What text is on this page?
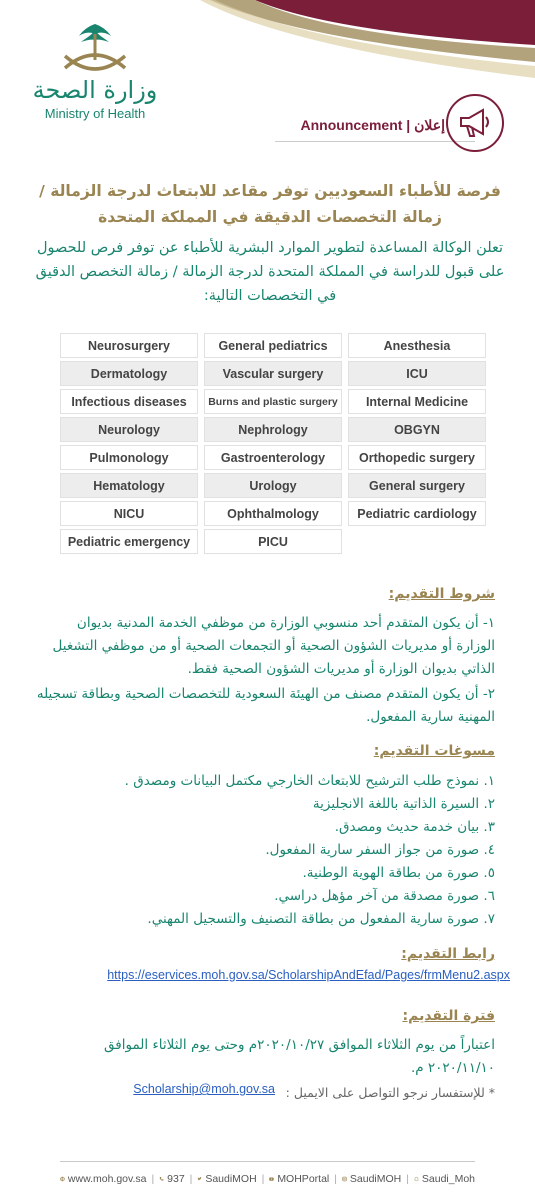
وزارة الصحة
Ministry of Health
Announcement | إعلان
فرصة للأطباء السعوديين توفر مقاعد للابتعاث لدرجة الزمالة / زمالة التخصصات الدقيقة في المملكة المتحدة
تعلن الوكالة المساعدة لتطوير الموارد البشرية للأطباء عن توفر فرص للحصول على قبول للدراسة في المملكة المتحدة لدرجة الزمالة / زمالة التخصص الدقيق في التخصصات التالية:
Neurosurgery
Dermatology
Infectious diseases
Neurology
Pulmonology
Hematology
NICU
Pediatric emergency
General pediatrics
Vascular surgery
Burns and plastic surgery
Nephrology
Gastroenterology
Urology
Ophthalmology
PICU
Anesthesia
ICU
Internal Medicine
OBGYN
Orthopedic surgery
General surgery
Pediatric cardiology
شروط التقديم:
١- أن يكون المتقدم أحد منسوبي الوزارة من موظفي الخدمة المدنية بديوان الوزارة أو مديريات الشؤون الصحية أو التجمعات الصحية أو من موظفي التشغيل الذاتي بديوان الوزارة أو مديريات الشؤون الصحية فقط.
٢- أن يكون المتقدم مصنف من الهيئة السعودية للتخصصات الصحية وبطاقة تسجيله المهنية سارية المفعول.
مسوغات التقديم:
١. نموذج طلب الترشيح للابتعاث الخارجي مكتمل البيانات ومصدق .
٢. السيرة الذاتية باللغة الانجليزية
٣. بيان خدمة حديث ومصدق.
٤. صورة من جواز السفر سارية المفعول.
٥. صورة من بطاقة الهوية الوطنية.
٦. صورة مصدقة من آخر مؤهل دراسي.
٧. صورة سارية المفعول من بطاقة التصنيف والتسجيل المهني.
رابط التقديم:
https://eservices.moh.gov.sa/ScholarshipAndEfad/Pages/frmMenu2.aspx
فترة التقديم:
اعتباراً من يوم الثلاثاء الموافق ٢٠٢٠/١٠/٢٧م وحتى يوم الثلاثاء الموافق ٢٠٢٠/١١/١٠ م.
* للإستفسار نرجو التواصل على الايميل :
Scholarship@moh.gov.sa
www.moh.gov.sa | 937 | SaudiMOH | MOHPortal | SaudiMOH | Saudi_Moh
